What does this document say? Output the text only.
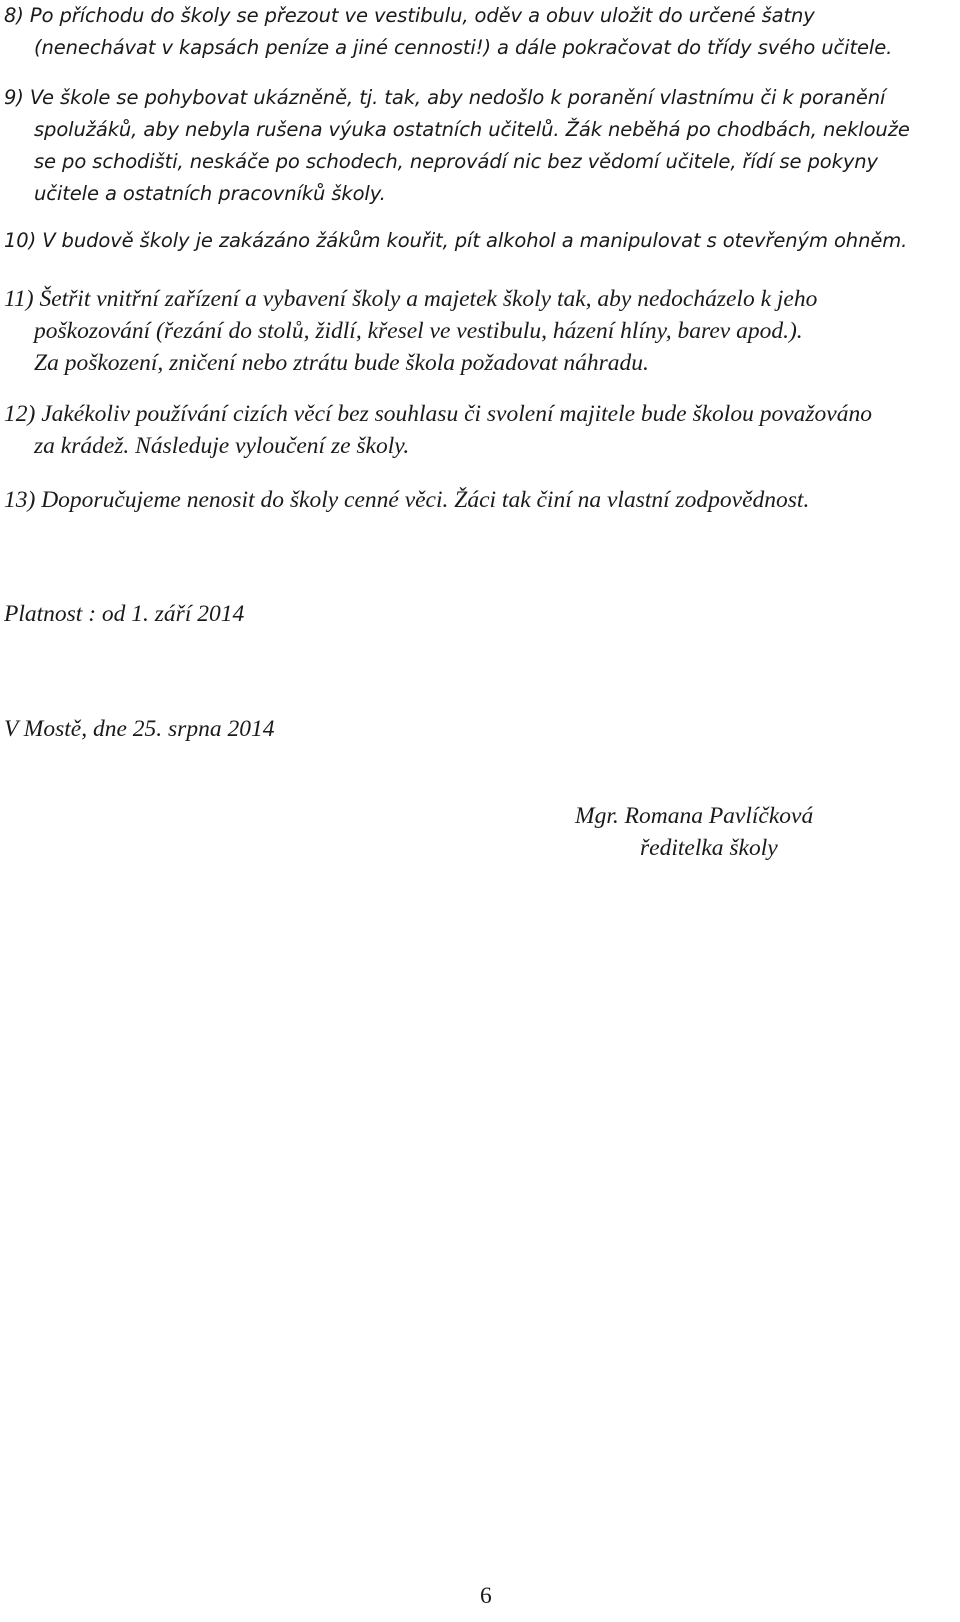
8) Po příchodu do školy se přezout ve vestibulu, oděv a obuv uložit do určené šatny
(nenechávat v kapsách peníze a jiné cennosti!) a dále pokračovat do třídy svého učitele.

9) Ve škole se pohybovat ukázněně, tj. tak, aby nedošlo k poranění vlastnímu či k poranění
spolužáků, aby nebyla rušena výuka ostatních učitelů. Žák neběhá po chodbách, neklouže
se po schodišti, neskáče po schodech, neprovádí nic bez vědomí učitele, řídí se pokyny
učitele a ostatních pracovníků školy.

10) V budově školy je zakázáno žákům kouřit, pít alkohol a manipulovat s otevřeným ohněm.

11) Šetřit vnitřní zařízení a vybavení školy a majetek školy tak, aby nedocházelo k jeho
poškozování (řezání do stolů, židlí, křesel ve vestibulu, házení hlíny, barev apod.).
Za poškození, zničení nebo ztrátu bude škola požadovat náhradu.

12) Jakékoliv používání cizích věcí bez souhlasu či svolení majitele bude školou považováno
za krádež. Následuje vyloučení ze školy.

13) Doporučujeme nenosit do školy cenné věci. Žáci tak činí na vlastní zodpovědnost.

Platnost : od 1. září 2014

V Mostě, dne 25. srpna 2014

Mgr. Romana Pavlíčková
ředitelka školy
6
